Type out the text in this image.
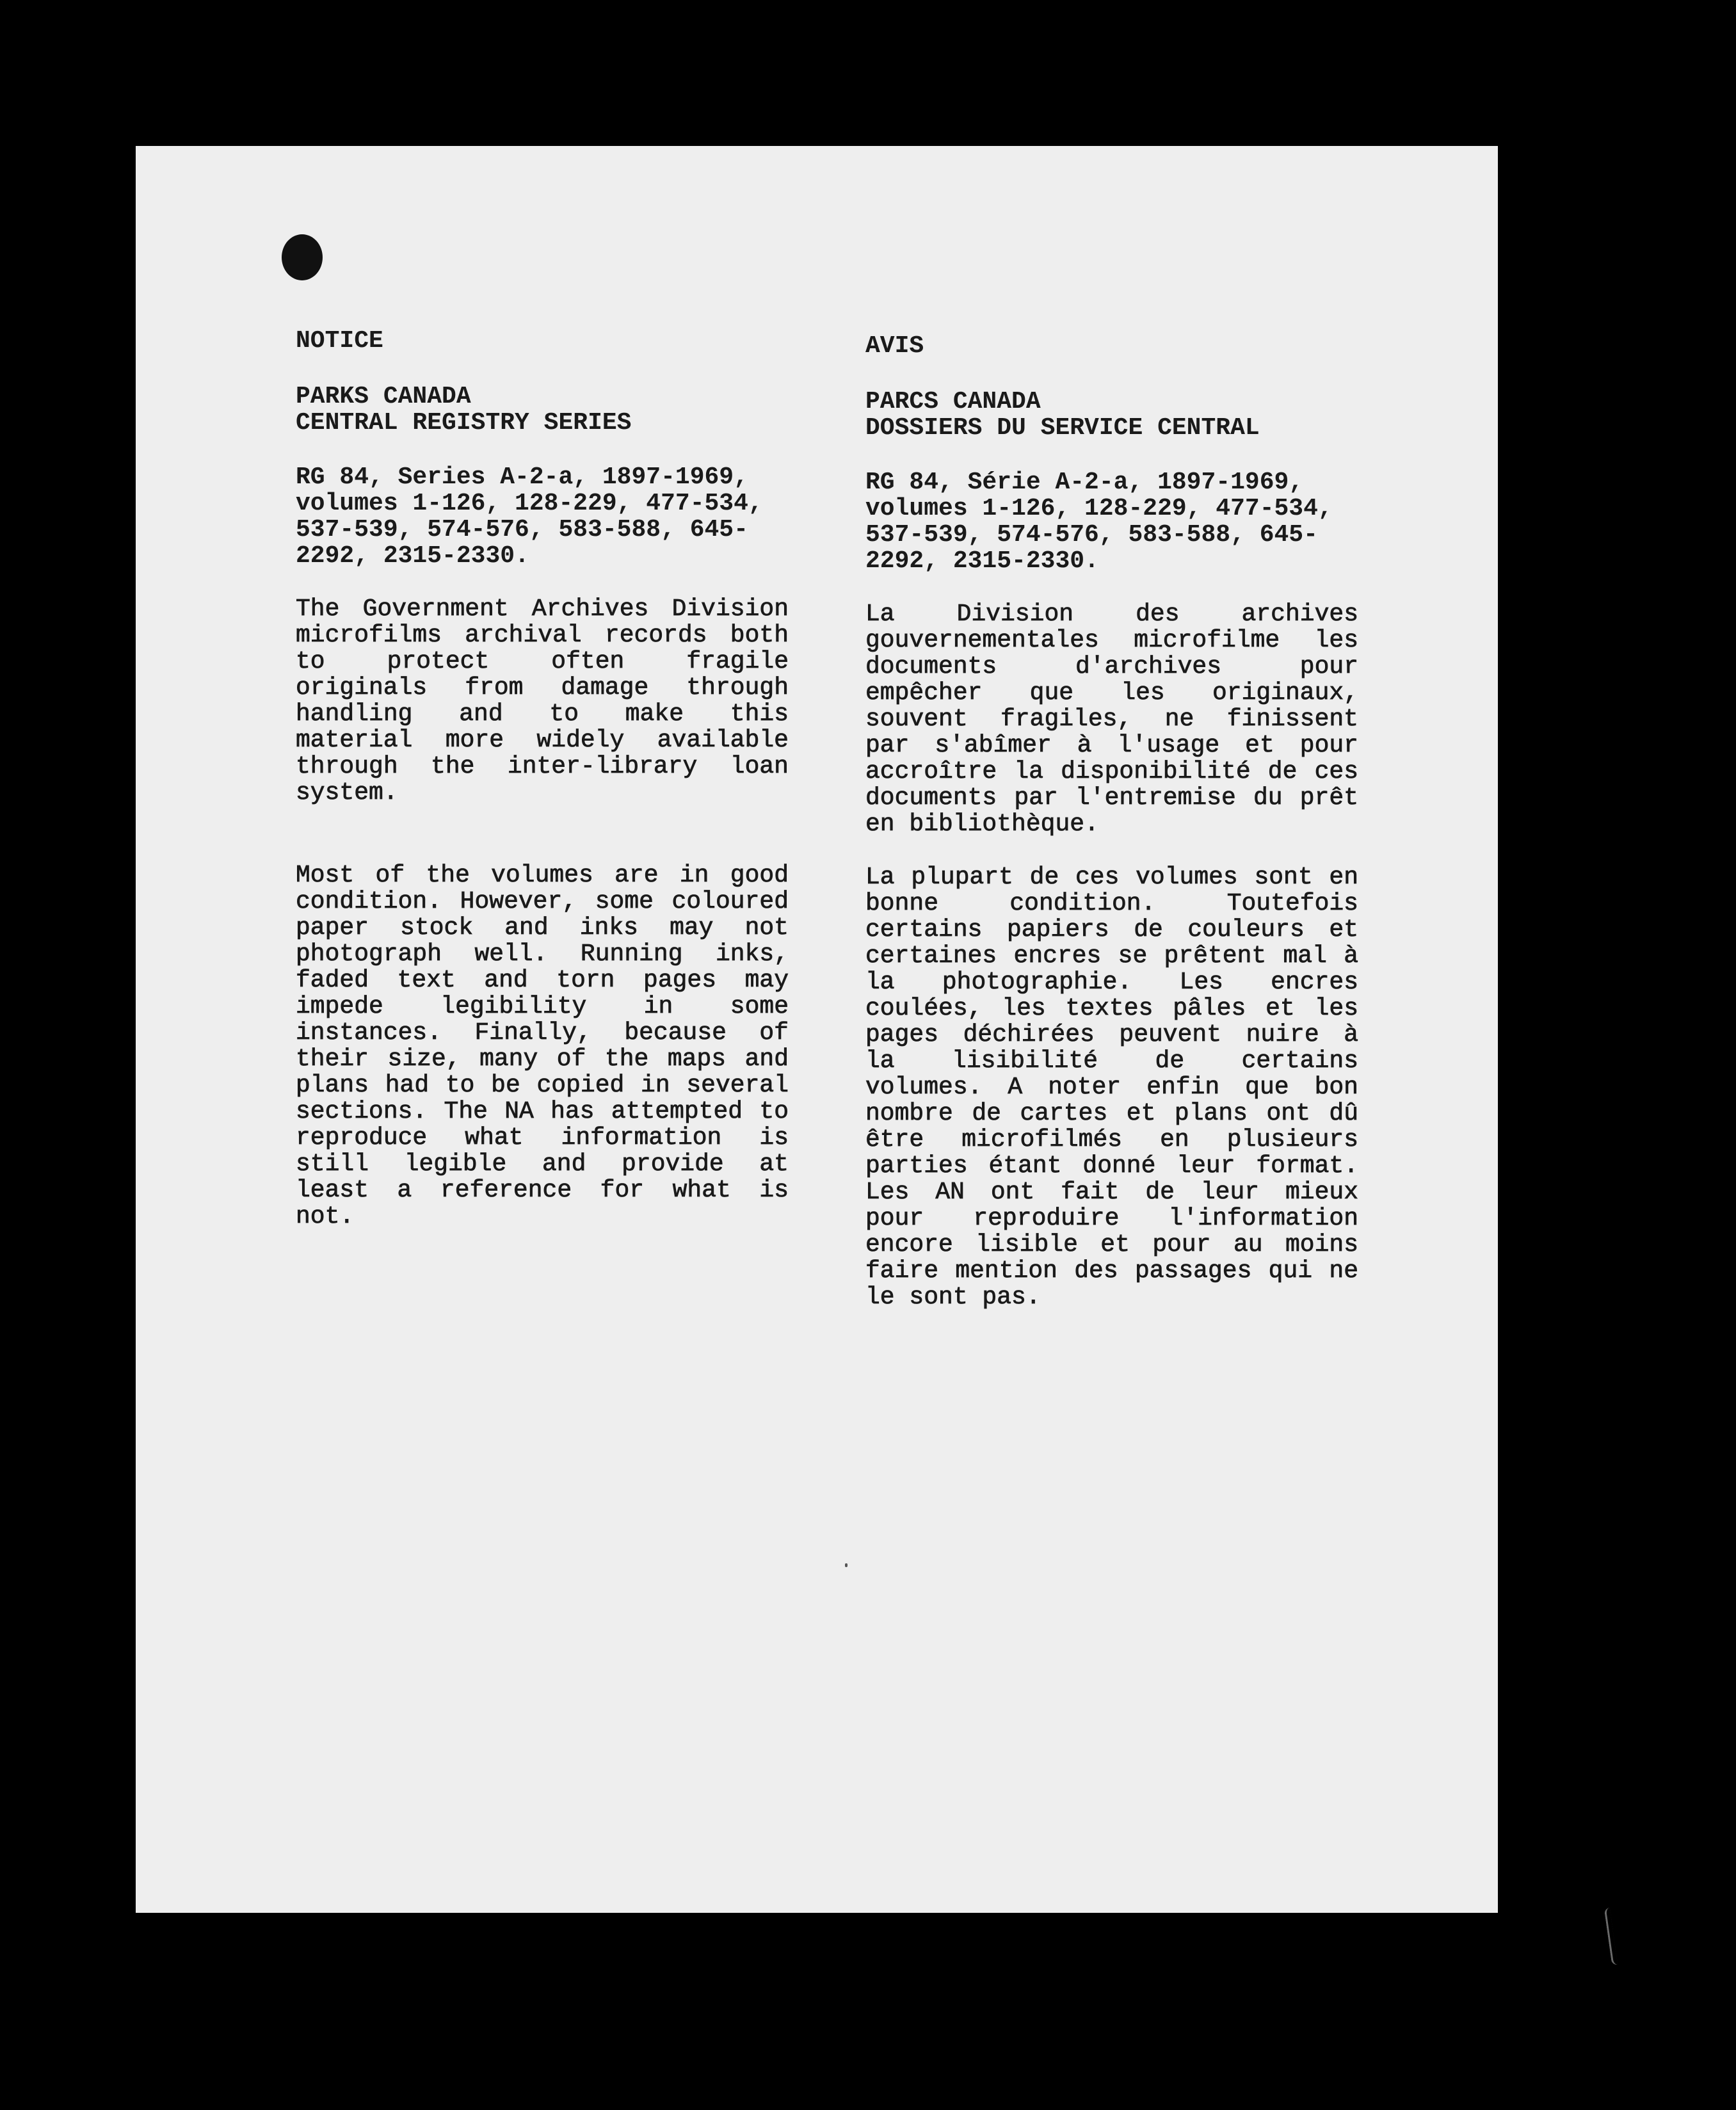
NOTICE
PARKS CANADA
CENTRAL REGISTRY SERIES

RG 84, Series A-2-a, 1897-1969, volumes 1-126, 128-229, 477-534, 537-539, 574-576, 583-588, 645-2292, 2315-2330.

The Government Archives Division microfilms archival records both to protect often fragile originals from damage through handling and to make this material more widely available through the inter-library loan system.

Most of the volumes are in good condition. However, some coloured paper stock and inks may not photograph well. Running inks, faded text and torn pages may impede legibility in some instances. Finally, because of their size, many of the maps and plans had to be copied in several sections. The NA has attempted to reproduce what information is still legible and provide at least a reference for what is not.

AVIS
PARCS CANADA
DOSSIERS DU SERVICE CENTRAL

RG 84, Série A-2-a, 1897-1969, volumes 1-126, 128-229, 477-534, 537-539, 574-576, 583-588, 645-2292, 2315-2330.

La Division des archives gouvernementales microfilme les documents d'archives pour empêcher que les originaux, souvent fragiles, ne finissent par s'abîmer à l'usage et pour accroître la disponibilité de ces documents par l'entremise du prêt en bibliothèque.

La plupart de ces volumes sont en bonne condition. Toutefois certains papiers de couleurs et certaines encres se prêtent mal à la photographie. Les encres coulées, les textes pâles et les pages déchirées peuvent nuire à la lisibilité de certains volumes. A noter enfin que bon nombre de cartes et plans ont dû être microfilmés en plusieurs parties étant donné leur format. Les AN ont fait de leur mieux pour reproduire l'information encore lisible et pour au moins faire mention des passages qui ne le sont pas.
